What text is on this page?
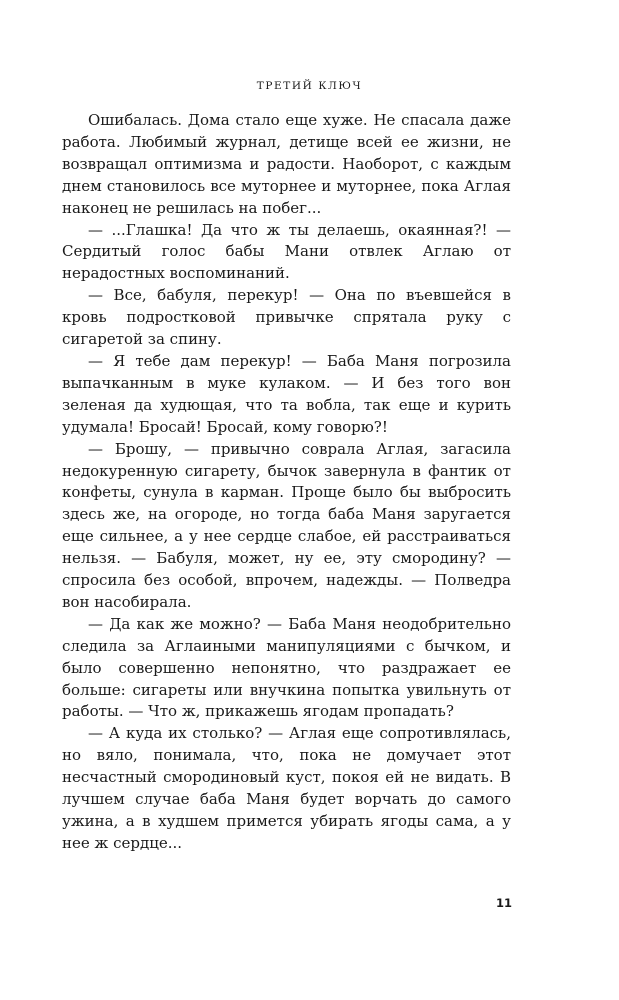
ТРЕТИЙ КЛЮЧ

Ошибалась. Дома стало еще хуже. Не спасала даже работа. Любимый журнал, детище всей ее жизни, не возвращал оптимизма и радости. Наоборот, с каждым днем становилось все муторнее и муторнее, пока Аглая наконец не решилась на побег...

— ...Глашка! Да что ж ты делаешь, окаянная?! — Сердитый голос бабы Мани отвлек Аглаю от нерадостных воспоминаний.

— Все, бабуля, перекур! — Она по въевшейся в кровь подростковой привычке спрятала руку с сигаретой за спину.

— Я тебе дам перекур! — Баба Маня погрозила выпачканным в муке кулаком. — И без того вон зеленая да худющая, что та вобла, так еще и курить удумала! Бросай! Бросай, кому говорю?!

— Брошу, — привычно соврала Аглая, загасила недокуренную сигарету, бычок завернула в фантик от конфеты, сунула в карман. Проще было бы выбросить здесь же, на огороде, но тогда баба Маня заругается еще сильнее, а у нее сердце слабое, ей расстраиваться нельзя. — Бабуля, может, ну ее, эту смородину? — спросила без особой, впрочем, надежды. — Полведра вон насобирала.

— Да как же можно? — Баба Маня неодобрительно следила за Аглаиными манипуляциями с бычком, и было совершенно непонятно, что раздражает ее больше: сигареты или внучкина попытка увильнуть от работы. — Что ж, прикажешь ягодам пропадать?

— А куда их столько? — Аглая еще сопротивлялась, но вяло, понимала, что, пока не домучает этот несчастный смородиновый куст, покоя ей не видать. В лучшем случае баба Маня будет ворчать до самого ужина, а в худшем примется убирать ягоды сама, а у нее ж сердце...

11
